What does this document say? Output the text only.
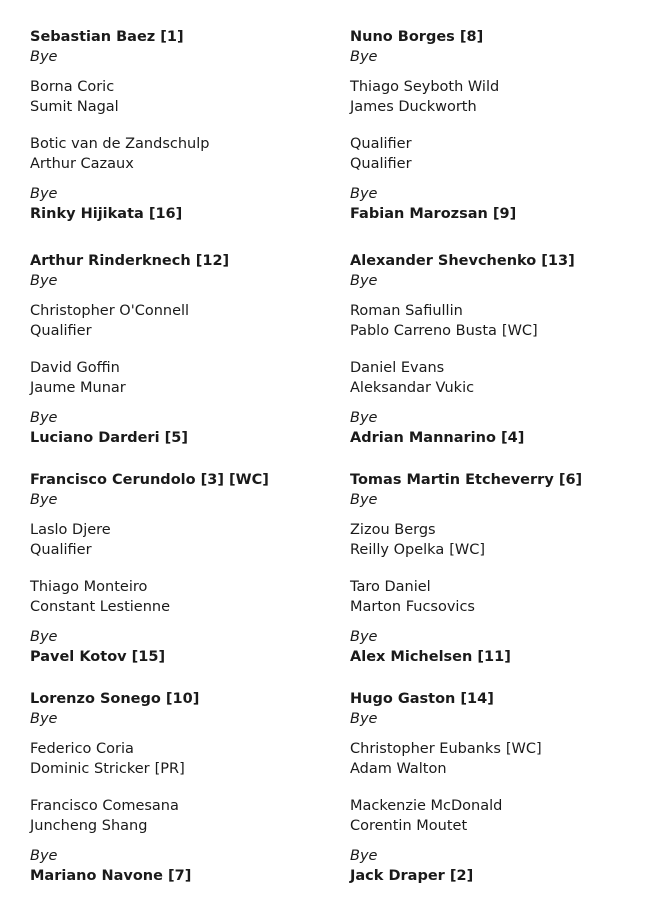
Sebastian Baez [1]
Bye
Borna Coric
Sumit Nagal
Botic van de Zandschulp
Arthur Cazaux
Bye
Rinky Hijikata [16]
Arthur Rinderknech [12]
Bye
Christopher O'Connell
Qualifier
David Goffin
Jaume Munar
Bye
Luciano Darderi [5]
Francisco Cerundolo [3] [WC]
Bye
Laslo Djere
Qualifier
Thiago Monteiro
Constant Lestienne
Bye
Pavel Kotov [15]
Lorenzo Sonego [10]
Bye
Federico Coria
Dominic Stricker [PR]
Francisco Comesana
Juncheng Shang
Bye
Mariano Navone [7]
Nuno Borges [8]
Bye
Thiago Seyboth Wild
James Duckworth
Qualifier
Qualifier
Bye
Fabian Marozsan [9]
Alexander Shevchenko [13]
Bye
Roman Safiullin
Pablo Carreno Busta [WC]
Daniel Evans
Aleksandar Vukic
Bye
Adrian Mannarino [4]
Tomas Martin Etcheverry [6]
Bye
Zizou Bergs
Reilly Opelka [WC]
Taro Daniel
Marton Fucsovics
Bye
Alex Michelsen [11]
Hugo Gaston [14]
Bye
Christopher Eubanks [WC]
Adam Walton
Mackenzie McDonald
Corentin Moutet
Bye
Jack Draper [2]
